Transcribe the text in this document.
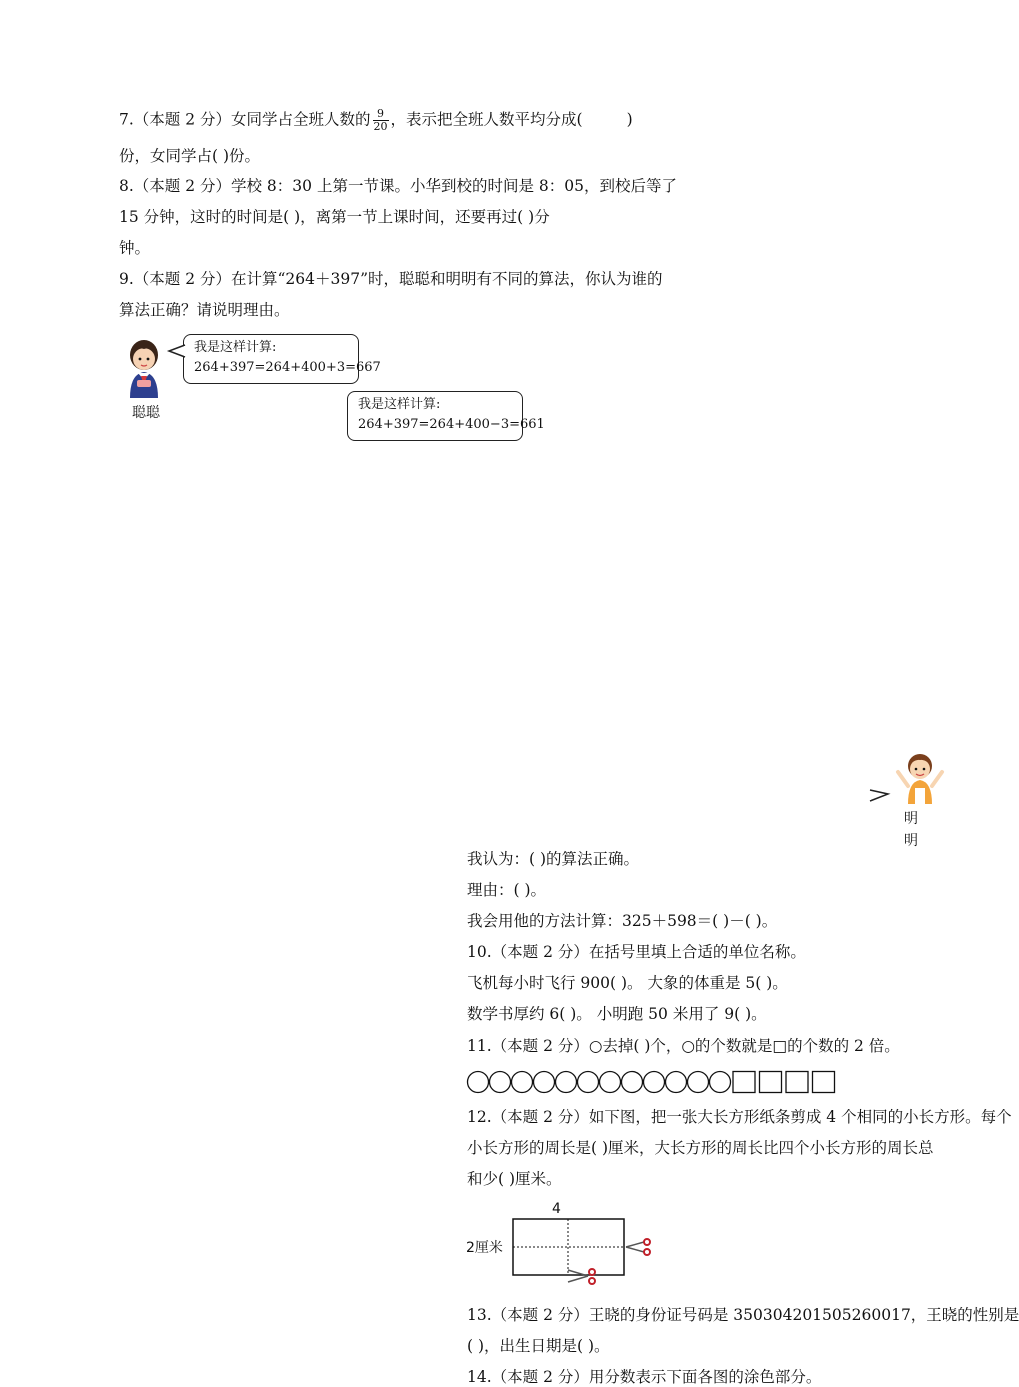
7.（本题 2 分）女同学占全班人数的 $\frac{9}{20}$ ，表示把全班人数平均分成(	)
份，女同学占( )份。
8.（本题 2 分）学校 8：30 上第一节课。小华到校的时间是 8：05，到校后等了
15 分钟，这时的时间是( )，离第一节上课时间，还要再过( )分
钟。
9.（本题 2 分）在计算“264＋397”时，聪聪和明明有不同的算法，你认为谁的
算法正确？请说明理由。
聪聪
我是这样计算:
264+397=264+400+3=667
我是这样计算:
264+397=264+400−3=661
明明
我认为：( )的算法正确。
理由：( )。
我会用他的方法计算：325＋598＝( )－( )。
10.（本题 2 分）在括号里填上合适的单位名称。
飞机每小时飞行 900( )。 大象的体重是 5( )。
数学书厚约 6( )。 小明跑 50 米用了 9( )。
11.（本题 2 分）○去掉( )个，○的个数就是□的个数的 2 倍。
12.（本题 2 分）如下图，把一张大长方形纸条剪成 4 个相同的小长方形。每个
小长方形的周长是( )厘米，大长方形的周长比四个小长方形的周长总
和少( )厘米。
4
2厘米
13.（本题 2 分）王晓的身份证号码是 350304201505260017，王晓的性别是
( )，出生日期是( )。
14.（本题 2 分）用分数表示下面各图的涂色部分。
